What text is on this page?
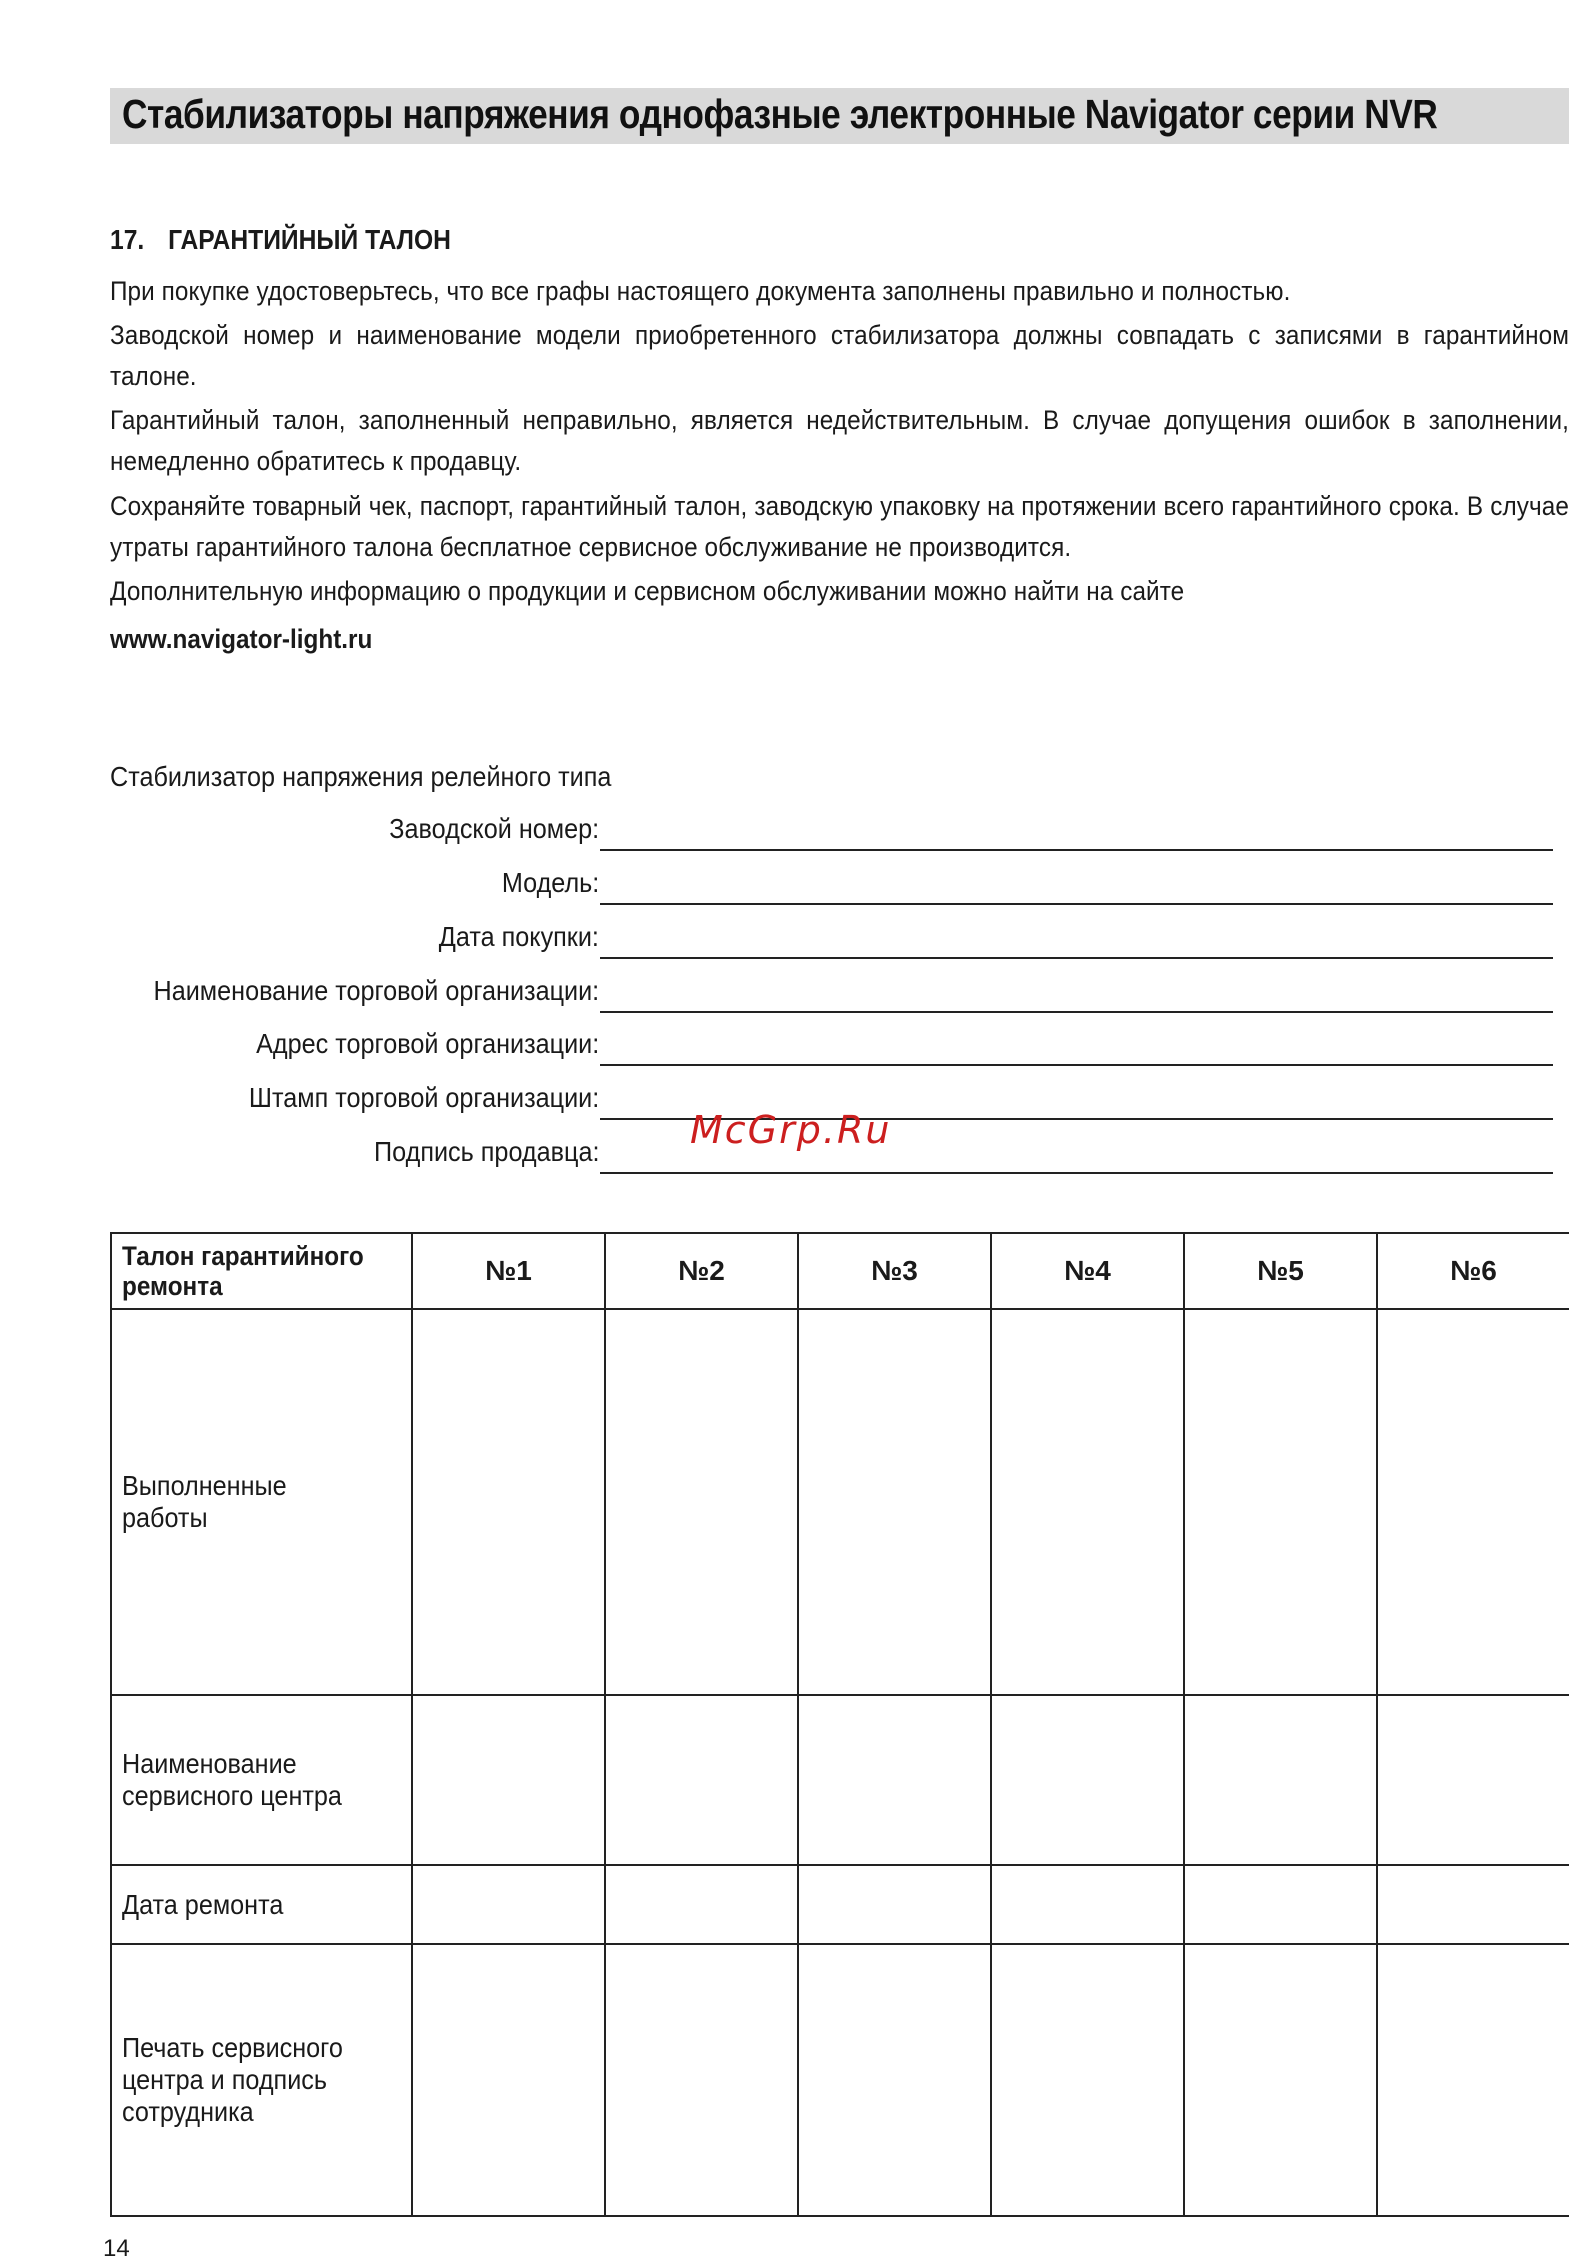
Стабилизаторы напряжения однофазные электронные Navigator серии NVR
17. ГАРАНТИЙНЫЙ ТАЛОН
При покупке удостоверьтесь, что все графы настоящего документа заполнены правильно и полностью.
Заводской номер и наименование модели приобретенного стабилизатора должны совпадать с записями в гарантийном талоне.
Гарантийный талон, заполненный неправильно, является недействительным. В случае допущения ошибок в заполнении, немедленно обратитесь к продавцу.
Сохраняйте товарный чек, паспорт, гарантийный талон, заводскую упаковку на протяжении всего гарантийного срока. В случае утраты гарантийного талона бесплатное сервисное обслуживание не производится.
Дополнительную информацию о продукции и сервисном обслуживании можно найти на сайте
www.navigator-light.ru
Стабилизатор напряжения релейного типа
Заводской номер:
Модель:
Дата покупки:
Наименование торговой организации:
Адрес торговой организации:
Штамп торговой организации:
Подпись продавца: McGrp.Ru
Талон гарантийного ремонта	№1	№2	№3	№4	№5	№6
Выполненные работы						
Наименование сервисного центра						
Дата ремонта						
Печать сервисного центра и подпись сотрудника						
14
